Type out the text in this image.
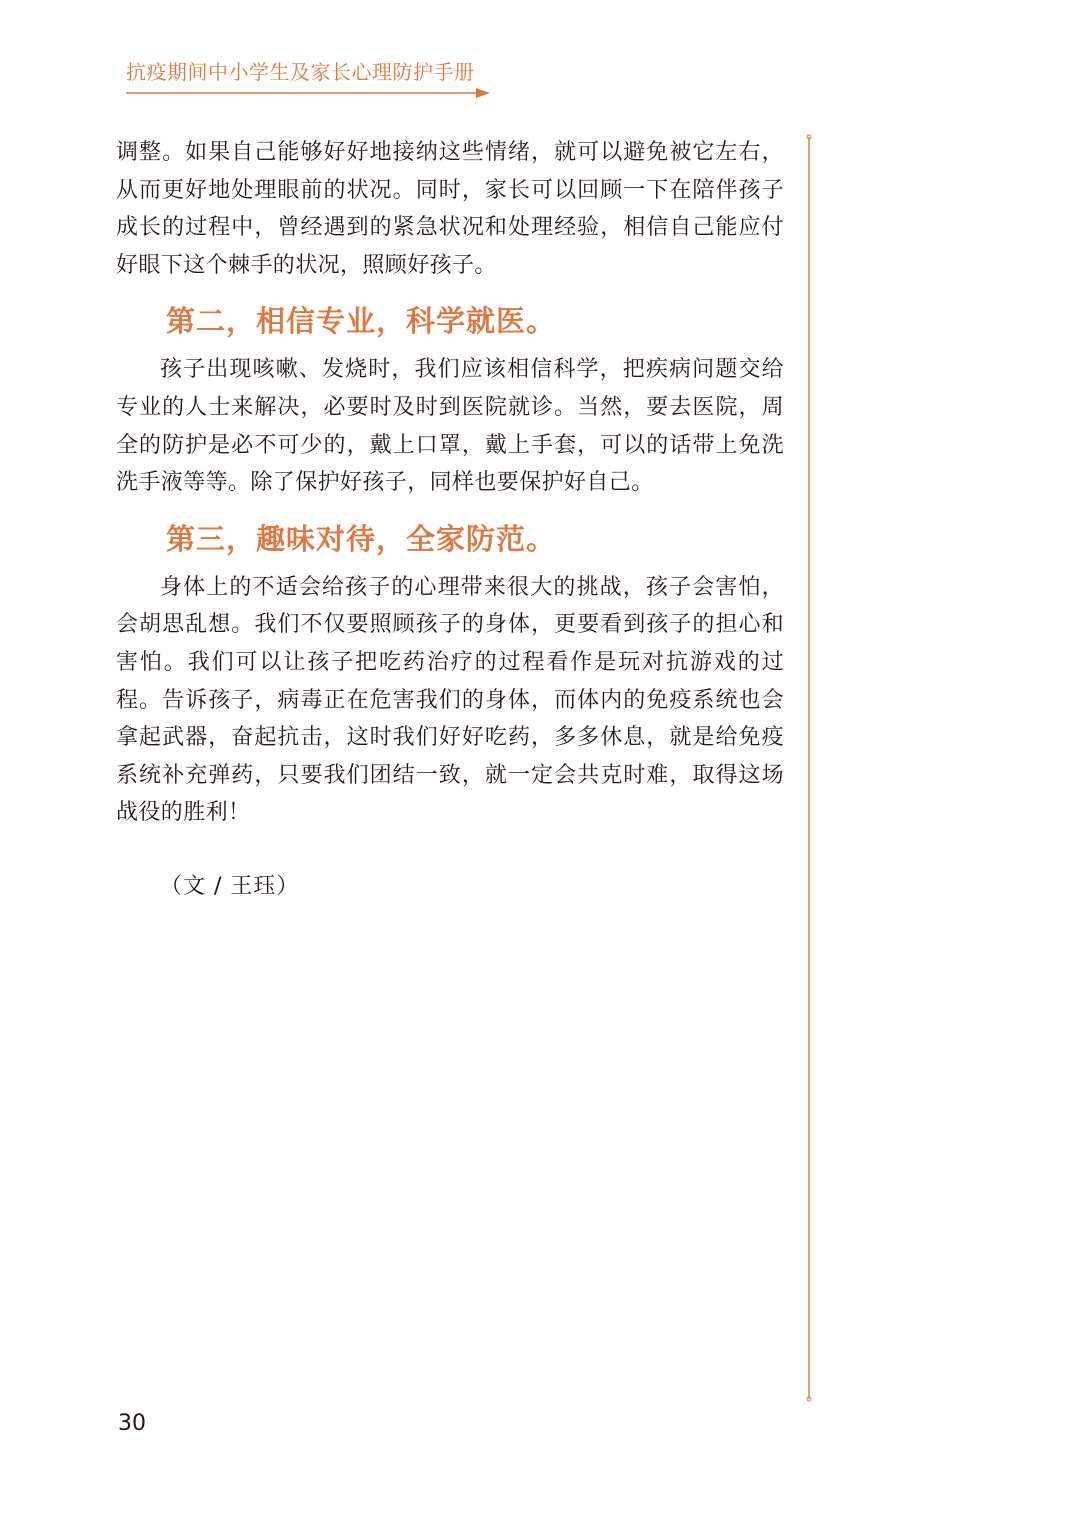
抗疫期间中小学生及家长心理防护手册

调整。如果自己能够好好地接纳这些情绪，就可以避免被它左右，从而更好地处理眼前的状况。同时，家长可以回顾一下在陪伴孩子成长的过程中，曾经遇到的紧急状况和处理经验，相信自己能应付好眼下这个棘手的状况，照顾好孩子。

第二，相信专业，科学就医。

孩子出现咳嗽、发烧时，我们应该相信科学，把疾病问题交给专业的人士来解决，必要时及时到医院就诊。当然，要去医院，周全的防护是必不可少的，戴上口罩，戴上手套，可以的话带上免洗洗手液等等。除了保护好孩子，同样也要保护好自己。

第三，趣味对待，全家防范。

身体上的不适会给孩子的心理带来很大的挑战，孩子会害怕，会胡思乱想。我们不仅要照顾孩子的身体，更要看到孩子的担心和害怕。我们可以让孩子把吃药治疗的过程看作是玩对抗游戏的过程。告诉孩子，病毒正在危害我们的身体，而体内的免疫系统也会拿起武器，奋起抗击，这时我们好好吃药，多多休息，就是给免疫系统补充弹药，只要我们团结一致，就一定会共克时难，取得这场战役的胜利！

（文 / 王珏）
30
